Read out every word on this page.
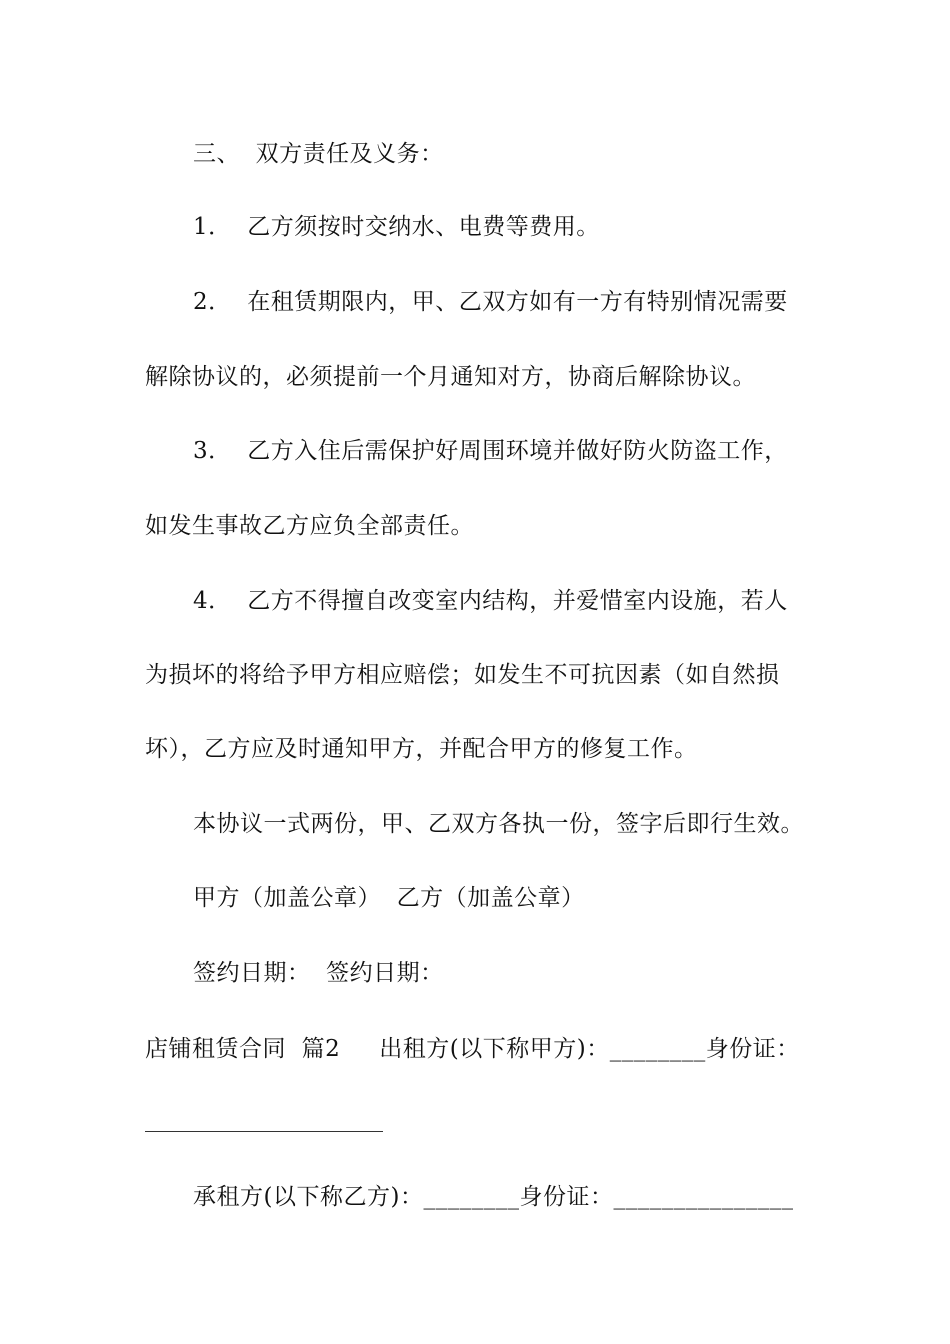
三、  双方责任及义务：
1．  乙方须按时交纳水、电费等费用。
2．  在租赁期限内，甲、乙双方如有一方有特别情况需要
解除协议的，必须提前一个月通知对方，协商后解除协议。
3．  乙方入住后需保护好周围环境并做好防火防盗工作，
如发生事故乙方应负全部责任。
4．  乙方不得擅自改变室内结构，并爱惜室内设施，若人
为损坏的将给予甲方相应赔偿；如发生不可抗因素（如自然损
坏），乙方应及时通知甲方，并配合甲方的修复工作。
本协议一式两份，甲、乙双方各执一份，签字后即行生效。
甲方（加盖公章）  乙方（加盖公章）
签约日期：  签约日期：
店铺租赁合同  篇2     出租方(以下称甲方)：________身份证：
承租方(以下称乙方)：________身份证：_______________
